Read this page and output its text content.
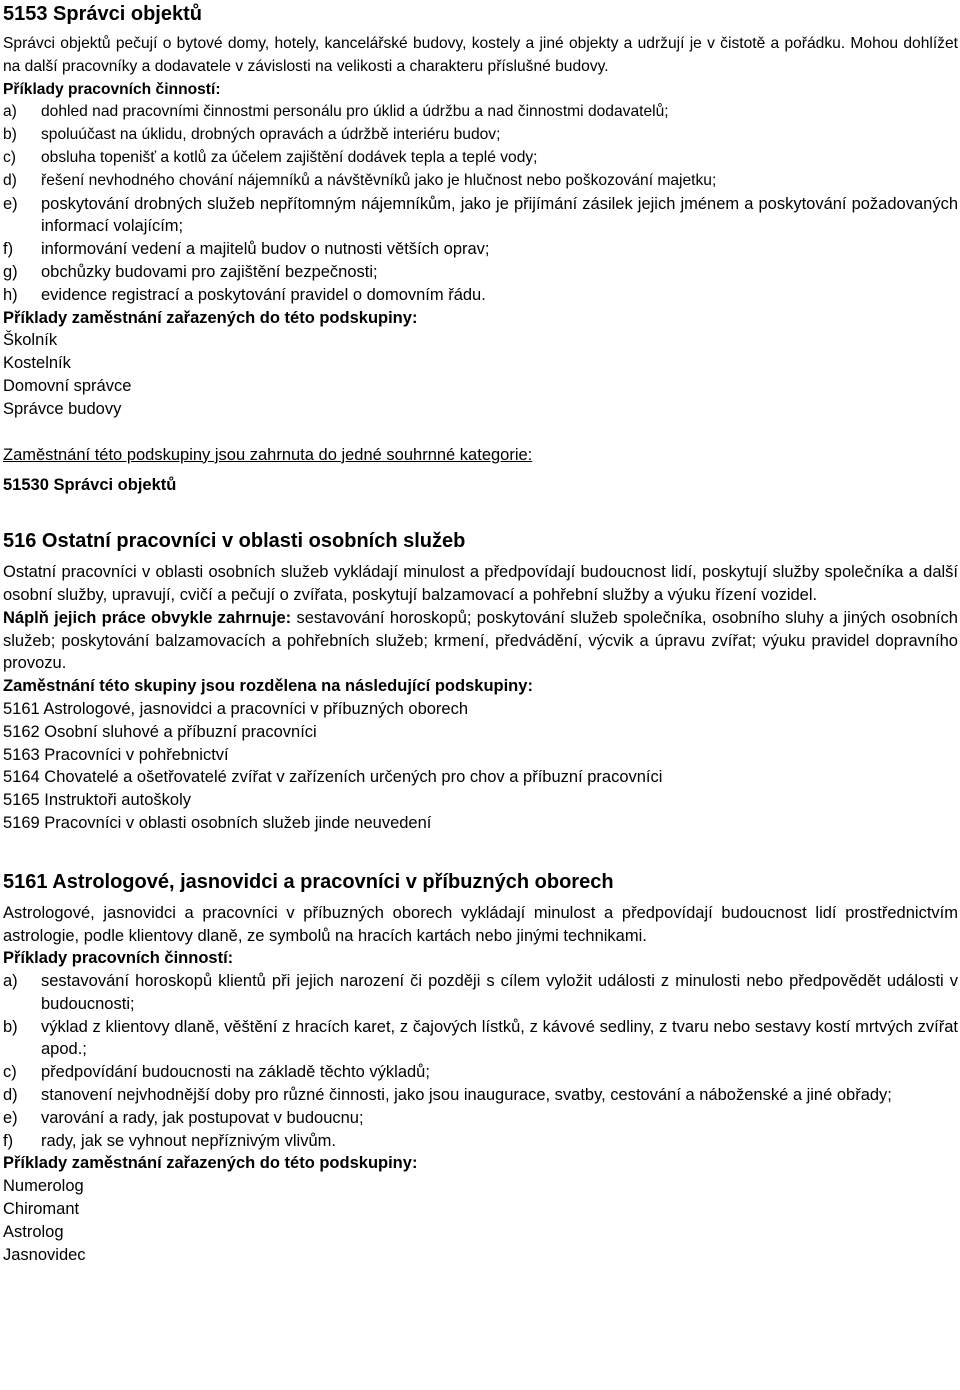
5153 Správci objektů

Správci objektů pečují o bytové domy, hotely, kancelářské budovy, kostely a jiné objekty a udržují je v čistotě a pořádku. Mohou dohlížet na další pracovníky a dodavatele v závislosti na velikosti a charakteru příslušné budovy.

Příklady pracovních činností:

a)	dohled nad pracovními činnostmi personálu pro úklid a údržbu a nad činnostmi dodavatelů;
b)	spoluúčast na úklidu, drobných opravách a údržbě interiéru budov;
c)	obsluha topenišť a kotlů za účelem zajištění dodávek tepla a teplé vody;
d)	řešení nevhodného chování nájemníků a návštěvníků jako je hlučnost nebo poškozování majetku;
e)	poskytování drobných služeb nepřítomným nájemníkům, jako je přijímání zásilek jejich jménem a poskytování požadovaných informací volajícím;
f)	informování vedení a majitelů budov o nutnosti větších oprav;
g)	obchůzky budovami pro zajištění bezpečnosti;
h)	evidence registrací a poskytování pravidel o domovním řádu.

Příklady zaměstnání zařazených do této podskupiny:

Školník

Kostelník

Domovní správce

Správce budovy

Zaměstnání této podskupiny jsou zahrnuta do jedné souhrnné kategorie:

51530 Správci objektů

516 Ostatní pracovníci v oblasti osobních služeb

Ostatní pracovníci v oblasti osobních služeb vykládají minulost a předpovídají budoucnost lidí, poskytují služby společníka a další osobní služby, upravují, cvičí a pečují o zvířata, poskytují balzamovací a pohřební služby a výuku řízení vozidel.

Náplň jejich práce obvykle zahrnuje: sestavování horoskopů; poskytování služeb společníka, osobního sluhy a jiných osobních služeb; poskytování balzamovacích a pohřebních služeb; krmení, předvádění, výcvik a úpravu zvířat; výuku pravidel dopravního provozu.

Zaměstnání této skupiny jsou rozdělena na následující podskupiny:

5161 Astrologové, jasnovidci a pracovníci v příbuzných oborech

5162 Osobní sluhové a příbuzní pracovníci

5163 Pracovníci v pohřebnictví

5164 Chovatelé a ošetřovatelé zvířat v zařízeních určených pro chov a příbuzní pracovníci

5165 Instruktoři autoškoly

5169 Pracovníci v oblasti osobních služeb jinde neuvedení

5161 Astrologové, jasnovidci a pracovníci v příbuzných oborech

Astrologové, jasnovidci a pracovníci v příbuzných oborech vykládají minulost a předpovídají budoucnost lidí prostřednictvím astrologie, podle klientovy dlaně, ze symbolů na hracích kartách nebo jinými technikami.

Příklady pracovních činností:

a)	sestavování horoskopů klientů při jejich narození či později s cílem vyložit události z minulosti nebo předpovědět události v budoucnosti;
b)	výklad z klientovy dlaně, věštění z hracích karet, z čajových lístků, z kávové sedliny, z tvaru nebo sestavy kostí mrtvých zvířat apod.;
c)	předpovídání budoucnosti na základě těchto výkladů;
d)	stanovení nejvhodnější doby pro různé činnosti, jako jsou inaugurace, svatby, cestování a náboženské a jiné obřady;
e)	varování a rady, jak postupovat v budoucnu;
f)	rady, jak se vyhnout nepříznivým vlivům.

Příklady zaměstnání zařazených do této podskupiny:

Numerolog

Chiromant

Astrolog

Jasnovidec
